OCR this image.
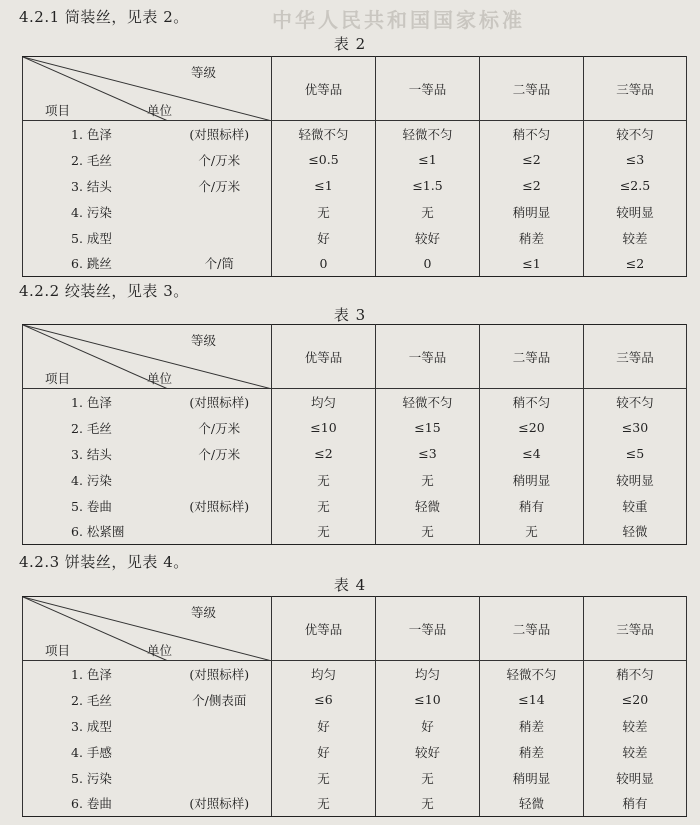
中华人民共和国国家标准
4.2.1 筒装丝，见表 2。
表 2
等级
项目 单位		优等品	一等品	二等品	三等品
1. 色泽	(对照标样)	轻微不匀	轻微不匀	稍不匀	较不匀
2. 毛丝	个/万米	≤0.5	≤1	≤2	≤3
3. 结头	个/万米	≤1	≤1.5	≤2	≤2.5
4. 污染		无	无	稍明显	较明显
5. 成型		好	较好	稍差	较差
6. 跳丝	个/筒	0	0	≤1	≤2
4.2.2 绞装丝，见表 3。
表 3
等级
项目 单位		优等品	一等品	二等品	三等品
1. 色泽	(对照标样)	均匀	轻微不匀	稍不匀	较不匀
2. 毛丝	个/万米	≤10	≤15	≤20	≤30
3. 结头	个/万米	≤2	≤3	≤4	≤5
4. 污染		无	无	稍明显	较明显
5. 卷曲	(对照标样)	无	轻微	稍有	较重
6. 松紧圈		无	无	无	轻微
4.2.3 饼装丝，见表 4。
表 4
等级
项目 单位		优等品	一等品	二等品	三等品
1. 色泽	(对照标样)	均匀	均匀	轻微不匀	稍不匀
2. 毛丝	个/侧表面	≤6	≤10	≤14	≤20
3. 成型		好	好	稍差	较差
4. 手感		好	较好	稍差	较差
5. 污染		无	无	稍明显	较明显
6. 卷曲	(对照标样)	无	无	轻微	稍有
